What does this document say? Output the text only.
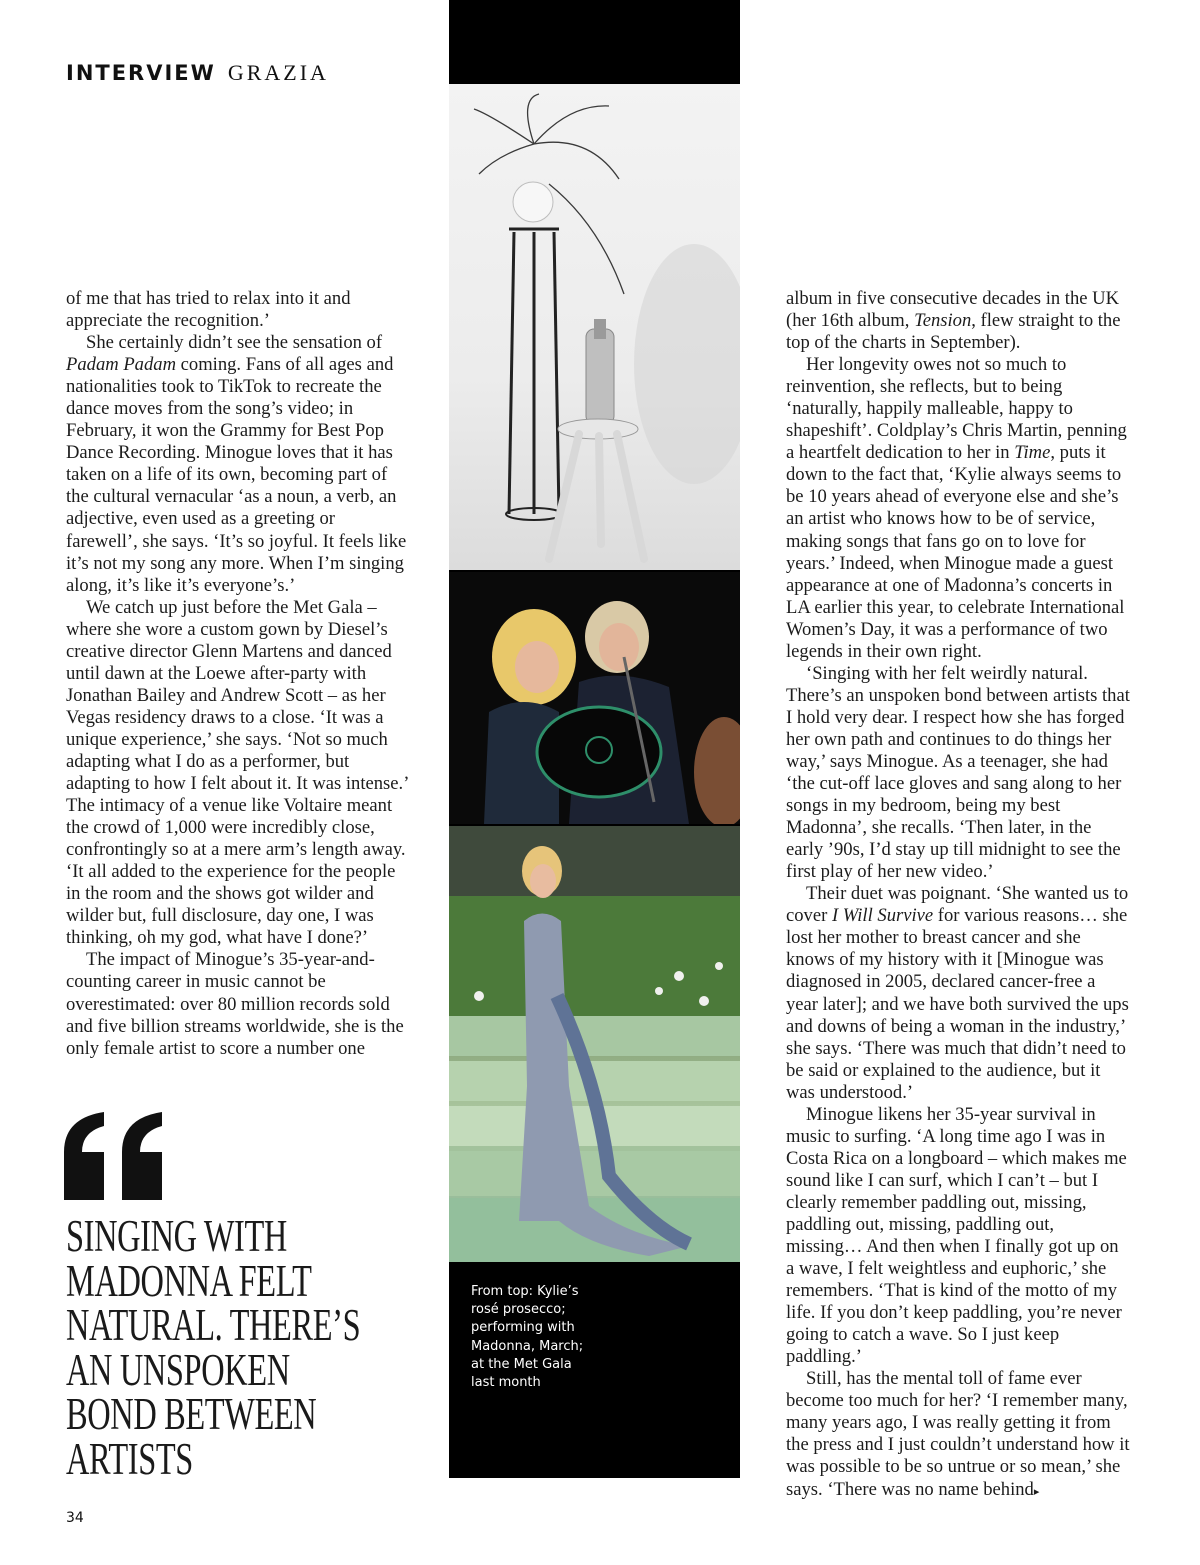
INTERVIEW GRAZIA

of me that has tried to relax into it and appreciate the recognition.’

She certainly didn’t see the sensation of Padam Padam coming. Fans of all ages and nationalities took to TikTok to recreate the dance moves from the song’s video; in February, it won the Grammy for Best Pop Dance Recording. Minogue loves that it has taken on a life of its own, becoming part of the cultural vernacular ‘as a noun, a verb, an adjective, even used as a greeting or farewell’, she says. ‘It’s so joyful. It feels like it’s not my song any more. When I’m singing along, it’s like it’s everyone’s.’

We catch up just before the Met Gala – where she wore a custom gown by Diesel’s creative director Glenn Martens and danced until dawn at the Loewe after-party with Jonathan Bailey and Andrew Scott – as her Vegas residency draws to a close. ‘It was a unique experience,’ she says. ‘Not so much adapting what I do as a performer, but adapting to how I felt about it. It was intense.’ The intimacy of a venue like Voltaire meant the crowd of 1,000 were incredibly close, confrontingly so at a mere arm’s length away. ‘It all added to the experience for the people in the room and the shows got wilder and wilder but, full disclosure, day one, I was thinking, oh my god, what have I done?’

The impact of Minogue’s 35-year-and-counting career in music cannot be overestimated: over 80 million records sold and five billion streams worldwide, she is the only female artist to score a number one

album in five consecutive decades in the UK (her 16th album, Tension, flew straight to the top of the charts in September).

Her longevity owes not so much to reinvention, she reflects, but to being ‘naturally, happily malleable, happy to shapeshift’. Coldplay’s Chris Martin, penning a heartfelt dedication to her in Time, puts it down to the fact that, ‘Kylie always seems to be 10 years ahead of everyone else and she’s an artist who knows how to be of service, making songs that fans go on to love for years.’ Indeed, when Minogue made a guest appearance at one of Madonna’s concerts in LA earlier this year, to celebrate International Women’s Day, it was a performance of two legends in their own right.

‘Singing with her felt weirdly natural. There’s an unspoken bond between artists that I hold very dear. I respect how she has forged her own path and continues to do things her way,’ says Minogue. As a teenager, she had ‘the cut-off lace gloves and sang along to her songs in my bedroom, being my best Madonna’, she recalls. ‘Then later, in the early ’90s, I’d stay up till midnight to see the first play of her new video.’

Their duet was poignant. ‘She wanted us to cover I Will Survive for various reasons… she lost her mother to breast cancer and she knows of my history with it [Minogue was diagnosed in 2005, declared cancer-free a year later]; and we have both survived the ups and downs of being a woman in the industry,’ she says. ‘There was much that didn’t need to be said or explained to the audience, but it was understood.’

Minogue likens her 35-year survival in music to surfing. ‘A long time ago I was in Costa Rica on a longboard – which makes me sound like I can surf, which I can’t – but I clearly remember paddling out, missing, paddling out, missing, paddling out, missing… And then when I finally got up on a wave, I felt weightless and euphoric,’ she remembers. ‘That is kind of the motto of my life. If you don’t keep paddling, you’re never going to catch a wave. So I just keep paddling.’

Still, has the mental toll of fame ever become too much for her? ‘I remember many, many years ago, I was really getting it from the press and I just couldn’t understand how it was possible to be so untrue or so mean,’ she says. ‘There was no name behind▸

SINGING WITH
MADONNA FELT
NATURAL. THERE’S
AN UNSPOKEN
BOND BETWEEN
ARTISTS
From top: Kylie’s
rosé prosecco;
performing with
Madonna, March;
at the Met Gala
last month
34
